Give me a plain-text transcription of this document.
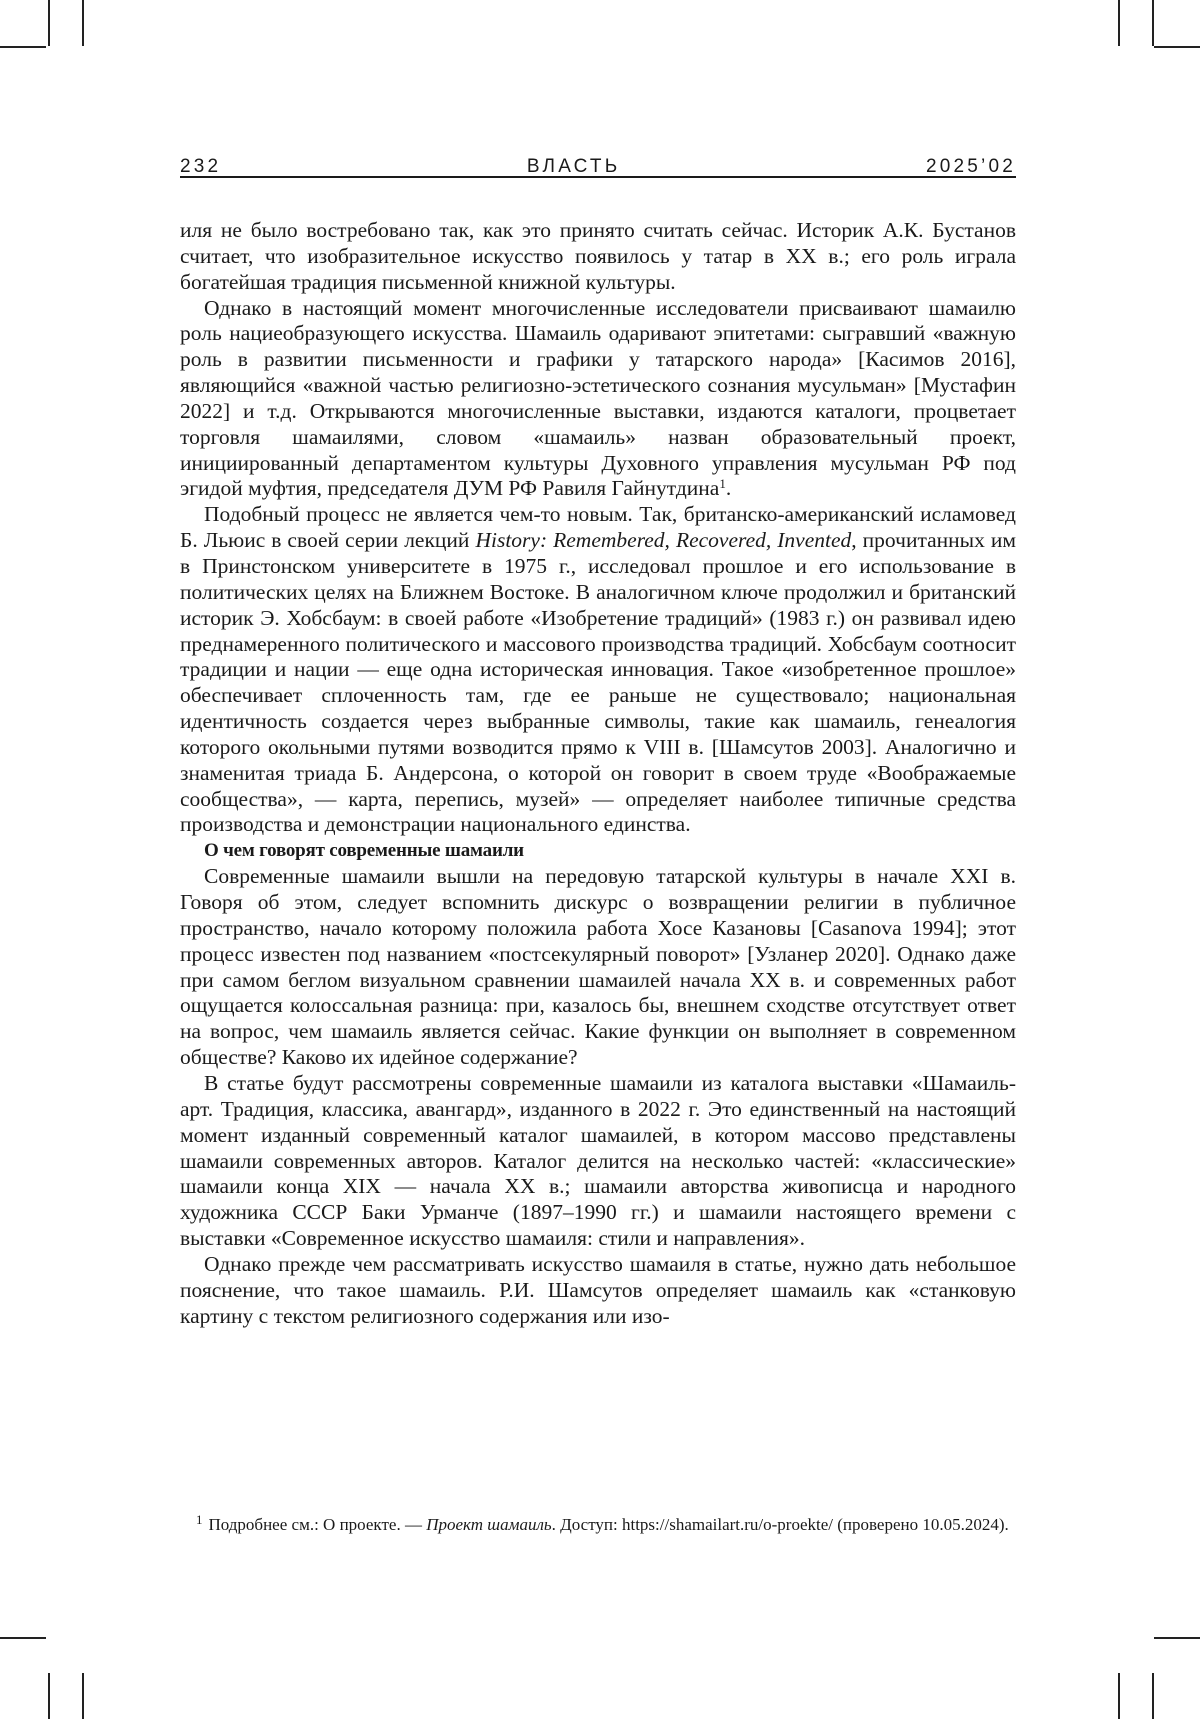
232	ВЛАСТЬ	2025’02

иля не было востребовано так, как это принято считать сейчас. Историк А.К. Бустанов считает, что изобразительное искусство появилось у татар в XX в.; его роль играла богатейшая традиция письменной книжной культуры.

Однако в настоящий момент многочисленные исследователи присваивают шамаилю роль нациеобразующего искусства. Шамаиль одаривают эпитетами: сыгравший «важную роль в развитии письменности и графики у татарского народа» [Касимов 2016], являющийся «важной частью религиозно-эстетического сознания мусульман» [Мустафин 2022] и т.д. Открываются многочисленные выставки, издаются каталоги, процветает торговля шамаилями, словом «шамаиль» назван образовательный проект, инициированный департаментом культуры Духовного управления мусульман РФ под эгидой муфтия, председателя ДУМ РФ Равиля Гайнутдина1.

Подобный процесс не является чем-то новым. Так, британско-американский исламовед Б. Льюис в своей серии лекций History: Remembered, Recovered, Invented, прочитанных им в Принстонском университете в 1975 г., исследовал прошлое и его использование в политических целях на Ближнем Востоке. В аналогичном ключе продолжил и британский историк Э. Хобсбаум: в своей работе «Изобретение традиций» (1983 г.) он развивал идею преднамеренного политического и массового производства традиций. Хобсбаум соотносит традиции и нации — еще одна историческая инновация. Такое «изобретенное прошлое» обеспечивает сплоченность там, где ее раньше не существовало; национальная идентичность создается через выбранные символы, такие как шамаиль, генеалогия которого окольными путями возводится прямо к VIII в. [Шамсутов 2003]. Аналогично и знаменитая триада Б. Андерсона, о которой он говорит в своем труде «Воображаемые сообщества», — карта, перепись, музей» — определяет наиболее типичные средства производства и демонстрации национального единства.

О чем говорят современные шамаили

Современные шамаили вышли на передовую татарской культуры в начале XXI в. Говоря об этом, следует вспомнить дискурс о возвращении религии в публичное пространство, начало которому положила работа Хосе Казановы [Casanova 1994]; этот процесс известен под названием «постсекулярный поворот» [Узланер 2020]. Однако даже при самом беглом визуальном сравнении шамаилей начала XX в. и современных работ ощущается колоссальная разница: при, казалось бы, внешнем сходстве отсутствует ответ на вопрос, чем шамаиль является сейчас. Какие функции он выполняет в современном обществе? Каково их идейное содержание?

В статье будут рассмотрены современные шамаили из каталога выставки «Шамаиль-арт. Традиция, классика, авангард», изданного в 2022 г. Это единственный на настоящий момент изданный современный каталог шамаилей, в котором массово представлены шамаили современных авторов. Каталог делится на несколько частей: «классические» шамаили конца XIX — начала XX в.; шамаили авторства живописца и народного художника СССР Баки Урманче (1897–1990 гг.) и шамаили настоящего времени с выставки «Современное искусство шамаиля: стили и направления».

Однако прежде чем рассматривать искусство шамаиля в статье, нужно дать небольшое пояснение, что такое шамаиль. Р.И. Шамсутов определяет шамаиль как «станковую картину с текстом религиозного содержания или изо-

1 Подробнее см.: О проекте. — Проект шамаиль. Доступ: https://shamailart.ru/o-proekte/ (проверено 10.05.2024).
